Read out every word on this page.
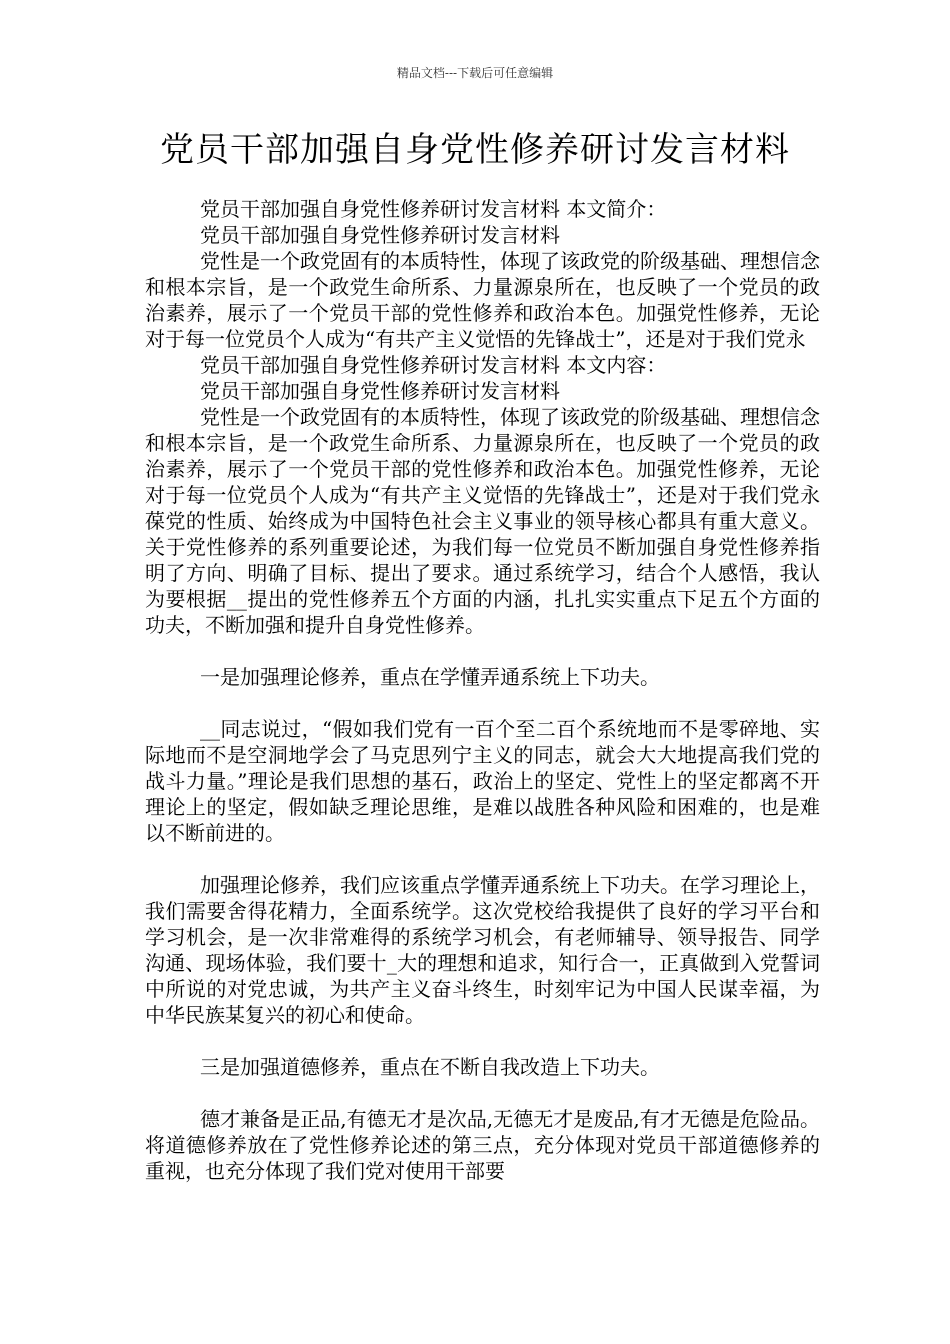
精品文档---下载后可任意编辑
党员干部加强自身党性修养研讨发言材料

党员干部加强自身党性修养研讨发言材料 本文简介：

党员干部加强自身党性修养研讨发言材料

党性是一个政党固有的本质特性，体现了该政党的阶级基础、理想信念和根本宗旨，是一个政党生命所系、力量源泉所在，也反映了一个党员的政治素养，展示了一个党员干部的党性修养和政治本色。加强党性修养，无论对于每一位党员个人成为“有共产主义觉悟的先锋战士”，还是对于我们党永

党员干部加强自身党性修养研讨发言材料 本文内容：

党员干部加强自身党性修养研讨发言材料

党性是一个政党固有的本质特性，体现了该政党的阶级基础、理想信念和根本宗旨，是一个政党生命所系、力量源泉所在，也反映了一个党员的政治素养，展示了一个党员干部的党性修养和政治本色。加强党性修养，无论对于每一位党员个人成为“有共产主义觉悟的先锋战士”，还是对于我们党永葆党的性质、始终成为中国特色社会主义事业的领导核心都具有重大意义。关于党性修养的系列重要论述，为我们每一位党员不断加强自身党性修养指明了方向、明确了目标、提出了要求。通过系统学习，结合个人感悟，我认为要根据__提出的党性修养五个方面的内涵，扎扎实实重点下足五个方面的功夫，不断加强和提升自身党性修养。

一是加强理论修养，重点在学懂弄通系统上下功夫。

__同志说过，“假如我们党有一百个至二百个系统地而不是零碎地、实际地而不是空洞地学会了马克思列宁主义的同志，就会大大地提高我们党的战斗力量。”理论是我们思想的基石，政治上的坚定、党性上的坚定都离不开理论上的坚定，假如缺乏理论思维，是难以战胜各种风险和困难的，也是难以不断前进的。

加强理论修养，我们应该重点学懂弄通系统上下功夫。在学习理论上，我们需要舍得花精力，全面系统学。这次党校给我提供了良好的学习平台和学习机会，是一次非常难得的系统学习机会，有老师辅导、领导报告、同学沟通、现场体验，我们要十_大的理想和追求，知行合一，正真做到入党誓词中所说的对党忠诚，为共产主义奋斗终生，时刻牢记为中国人民谋幸福，为中华民族某复兴的初心和使命。

三是加强道德修养，重点在不断自我改造上下功夫。

德才兼备是正品,有德无才是次品,无德无才是废品,有才无德是危险品。将道德修养放在了党性修养论述的第三点，充分体现对党员干部道德修养的重视，也充分体现了我们党对使用干部要
